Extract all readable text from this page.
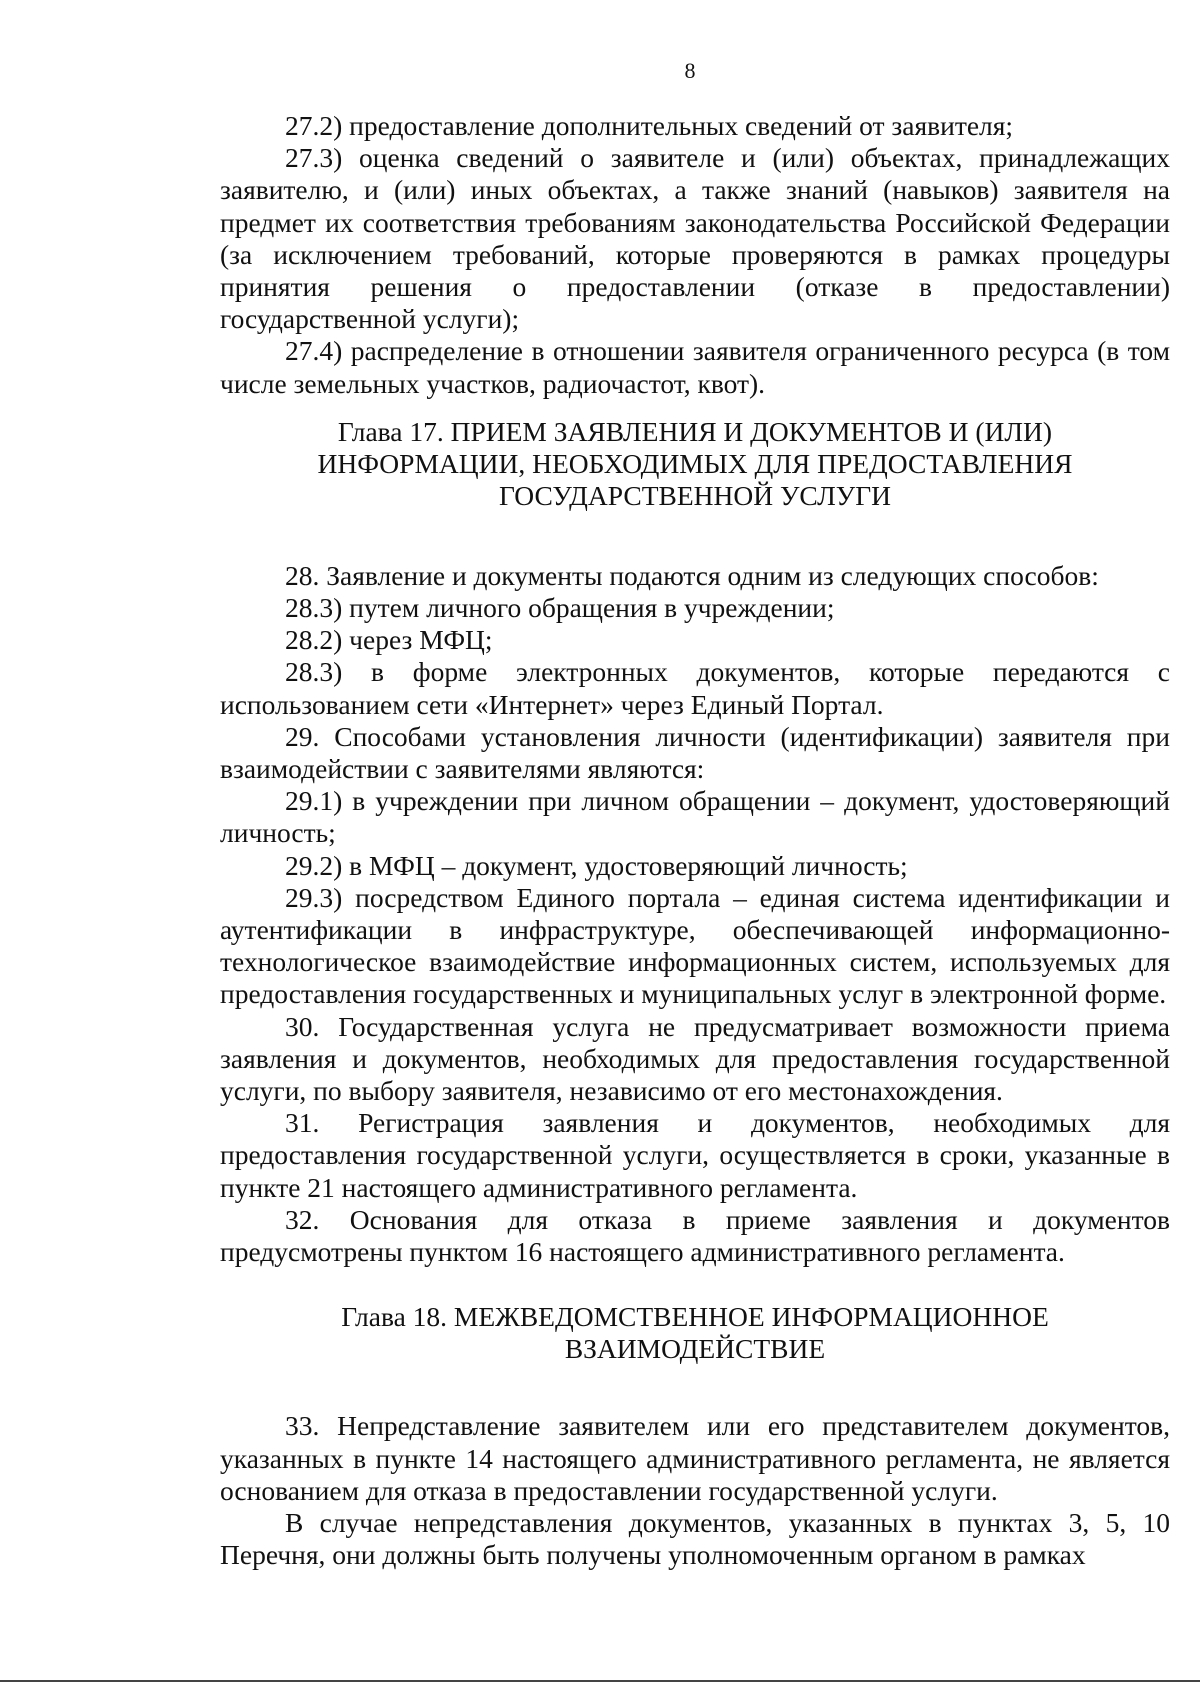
8

27.2) предоставление дополнительных сведений от заявителя;

27.3) оценка сведений о заявителе и (или) объектах, принадлежащих заявителю, и (или) иных объектах, а также знаний (навыков) заявителя на предмет их соответствия требованиям законодательства Российской Федерации (за исключением требований, которые проверяются в рамках процедуры принятия решения о предоставлении (отказе в предоставлении) государственной услуги);

27.4) распределение в отношении заявителя ограниченного ресурса (в том числе земельных участков, радиочастот, квот).

Глава 17. ПРИЕМ ЗАЯВЛЕНИЯ И ДОКУМЕНТОВ И (ИЛИ)
ИНФОРМАЦИИ, НЕОБХОДИМЫХ ДЛЯ ПРЕДОСТАВЛЕНИЯ
ГОСУДАРСТВЕННОЙ УСЛУГИ

28. Заявление и документы подаются одним из следующих способов:

28.3) путем личного обращения в учреждении;

28.2) через МФЦ;

28.3) в форме электронных документов, которые передаются с использованием сети «Интернет» через Единый Портал.

29. Способами установления личности (идентификации) заявителя при взаимодействии с заявителями являются:

29.1) в учреждении при личном обращении – документ, удостоверяющий личность;

29.2) в МФЦ – документ, удостоверяющий личность;

29.3) посредством Единого портала – единая система идентификации и аутентификации в инфраструктуре, обеспечивающей информационно-технологическое взаимодействие информационных систем, используемых для предоставления государственных и муниципальных услуг в электронной форме.

30. Государственная услуга не предусматривает возможности приема заявления и документов, необходимых для предоставления государственной услуги, по выбору заявителя, независимо от его местонахождения.

31. Регистрация заявления и документов, необходимых для предоставления государственной услуги, осуществляется в сроки, указанные в пункте 21 настоящего административного регламента.

32. Основания для отказа в приеме заявления и документов предусмотрены пунктом 16 настоящего административного регламента.

Глава 18. МЕЖВЕДОМСТВЕННОЕ ИНФОРМАЦИОННОЕ
ВЗАИМОДЕЙСТВИЕ

33. Непредставление заявителем или его представителем документов, указанных в пункте 14 настоящего административного регламента, не является основанием для отказа в предоставлении государственной услуги.

В случае непредставления документов, указанных в пунктах 3, 5, 10 Перечня, они должны быть получены уполномоченным органом в рамках
